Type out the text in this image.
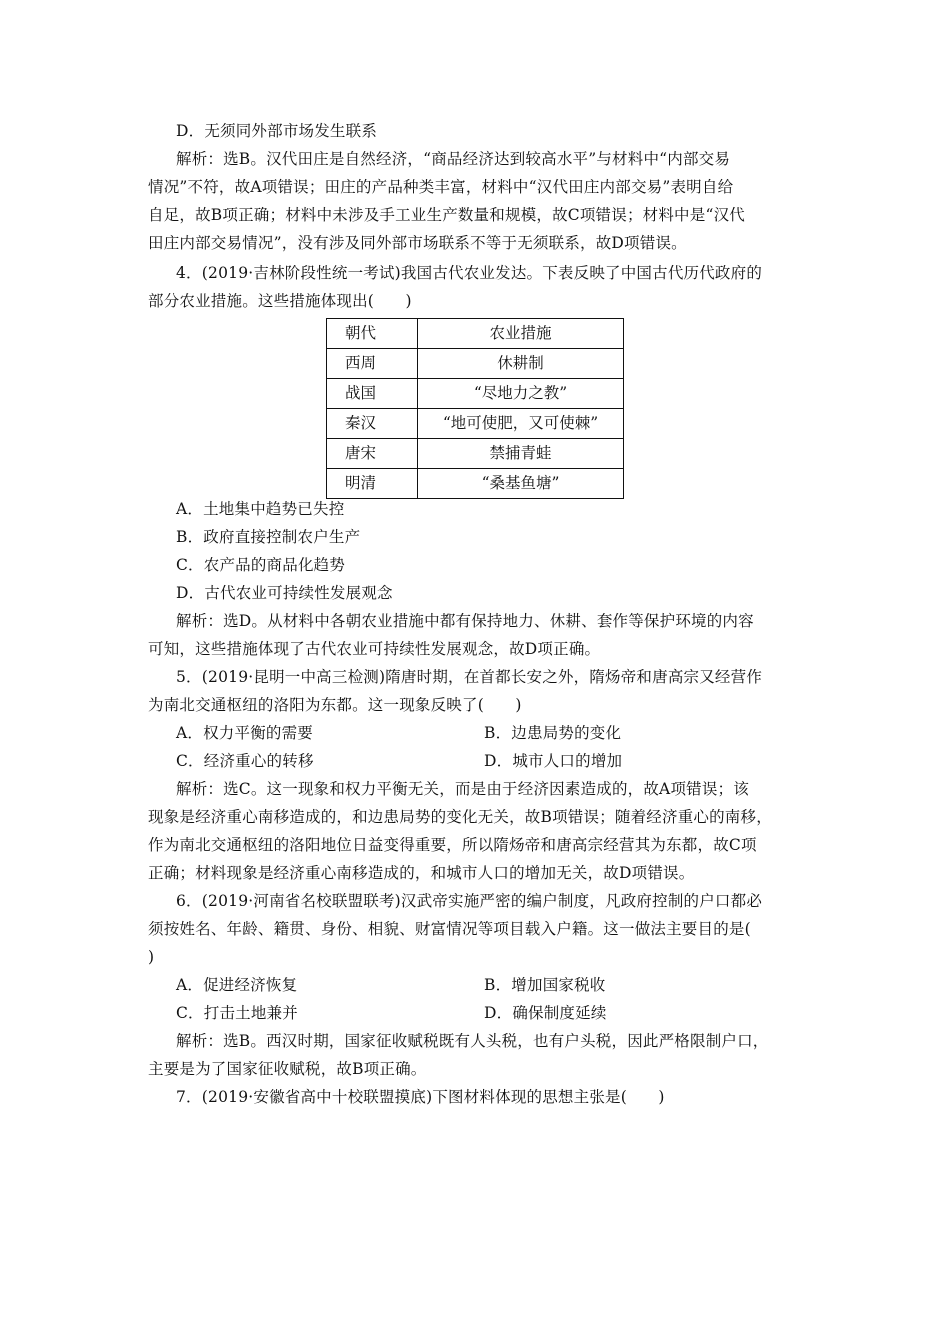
D．无须同外部市场发生联系
解析：选B。汉代田庄是自然经济，“商品经济达到较高水平”与材料中“内部交易
情况”不符，故A项错误；田庄的产品种类丰富，材料中“汉代田庄内部交易”表明自给
自足，故B项正确；材料中未涉及手工业生产数量和规模，故C项错误；材料中是“汉代
田庄内部交易情况”，没有涉及同外部市场联系不等于无须联系，故D项错误。
4．(2019·吉林阶段性统一考试)我国古代农业发达。下表反映了中国古代历代政府的
部分农业措施。这些措施体现出(　　)
朝代	农业措施
西周	休耕制
战国	“尽地力之教”
秦汉	“地可使肥，又可使棘”
唐宋	禁捕青蛙
明清	“桑基鱼塘”
A．土地集中趋势已失控
B．政府直接控制农户生产
C．农产品的商品化趋势
D．古代农业可持续性发展观念
解析：选D。从材料中各朝农业措施中都有保持地力、休耕、套作等保护环境的内容
可知，这些措施体现了古代农业可持续性发展观念，故D项正确。
5．(2019·昆明一中高三检测)隋唐时期，在首都长安之外，隋炀帝和唐高宗又经营作
为南北交通枢纽的洛阳为东都。这一现象反映了(　　)
A．权力平衡的需要	B．边患局势的变化
C．经济重心的转移	D．城市人口的增加
解析：选C。这一现象和权力平衡无关，而是由于经济因素造成的，故A项错误；该
现象是经济重心南移造成的，和边患局势的变化无关，故B项错误；随着经济重心的南移，
作为南北交通枢纽的洛阳地位日益变得重要，所以隋炀帝和唐高宗经营其为东都，故C项
正确；材料现象是经济重心南移造成的，和城市人口的增加无关，故D项错误。
6．(2019·河南省名校联盟联考)汉武帝实施严密的编户制度，凡政府控制的户口都必
须按姓名、年龄、籍贯、身份、相貌、财富情况等项目载入户籍。这一做法主要目的是(
)
A．促进经济恢复	B．增加国家税收
C．打击土地兼并	D．确保制度延续
解析：选B。西汉时期，国家征收赋税既有人头税，也有户头税，因此严格限制户口，
主要是为了国家征收赋税，故B项正确。
7．(2019·安徽省高中十校联盟摸底)下图材料体现的思想主张是(　　)
